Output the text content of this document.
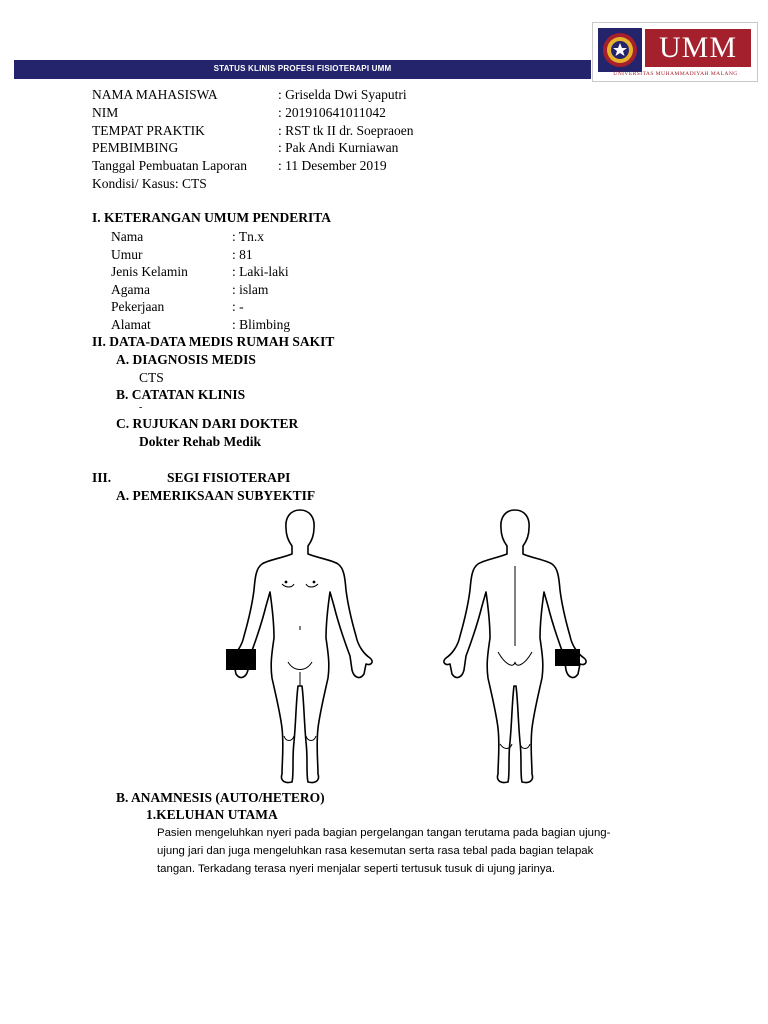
STATUS KLINIS PROFESI FISIOTERAPI UMM
UMM
UNIVERSITAS MUHAMMADIYAH MALANG
NAMA MAHASISWA	: Griselda Dwi Syaputri
NIM	: 201910641011042
TEMPAT PRAKTIK	: RST tk II dr. Soepraoen
PEMBIMBING	: Pak Andi Kurniawan
Tanggal Pembuatan Laporan : 11 Desember 2019
Kondisi/ Kasus: CTS
I. KETERANGAN UMUM PENDERITA
Nama	: Tn.x
Umur	: 81
Jenis Kelamin	: Laki-laki
Agama	: islam
Pekerjaan	: -
Alamat	: Blimbing
II. DATA-DATA MEDIS RUMAH SAKIT
A. DIAGNOSIS MEDIS
CTS
B. CATATAN KLINIS
-
C. RUJUKAN DARI DOKTER
Dokter Rehab Medik
III.	SEGI FISIOTERAPI
A. PEMERIKSAAN SUBYEKTIF
B. ANAMNESIS (AUTO/HETERO)
1.KELUHAN UTAMA
Pasien mengeluhkan nyeri pada bagian pergelangan tangan terutama pada bagian ujung-
ujung jari dan juga mengeluhkan rasa kesemutan serta rasa tebal pada bagian telapak
tangan. Terkadang terasa nyeri menjalar seperti tertusuk tusuk di ujung jarinya.
